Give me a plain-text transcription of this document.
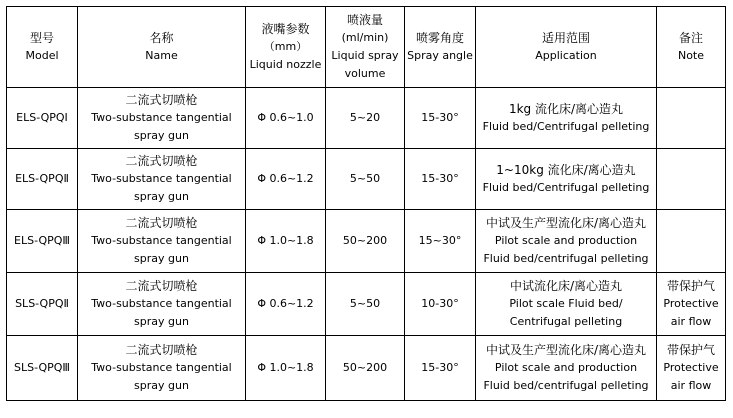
型号
Model	名称
Name	液嘴参数
（mm）
Liquid nozzle	喷液量
(ml/min)
Liquid spray
volume	喷雾角度
Spray angle	适用范围
Application	备注
Note

ELS-QPQⅠ	二流式切喷枪
Two-substance tangential spray gun	Φ 0.6~1.0	5~20	15-30°	1kg 流化床/离心造丸
Fluid bed/Centrifugal pelleting	

ELS-QPQⅡ	二流式切喷枪
Two-substance tangential spray gun	Φ 0.6~1.2	5~50	15-30°	1~10kg 流化床/离心造丸
Fluid bed/Centrifugal pelleting	

ELS-QPQⅢ	二流式切喷枪
Two-substance tangential spray gun	Φ 1.0~1.8	50~200	15~30°	中试及生产型流化床/离心造丸
Pilot scale and production
Fluid bed/centrifugal pelleting	

SLS-QPQⅡ	二流式切喷枪
Two-substance tangential spray gun	Φ 0.6~1.2	5~50	10-30°	中试流化床/离心造丸
Pilot scale Fluid bed/
Centrifugal pelleting	带保护气
Protective
air flow

SLS-QPQⅢ	二流式切喷枪
Two-substance tangential spray gun	Φ 1.0~1.8	50~200	15-30°	中试及生产型流化床/离心造丸
Pilot scale and production
Fluid bed/centrifugal pelleting	带保护气
Protective
air flow
